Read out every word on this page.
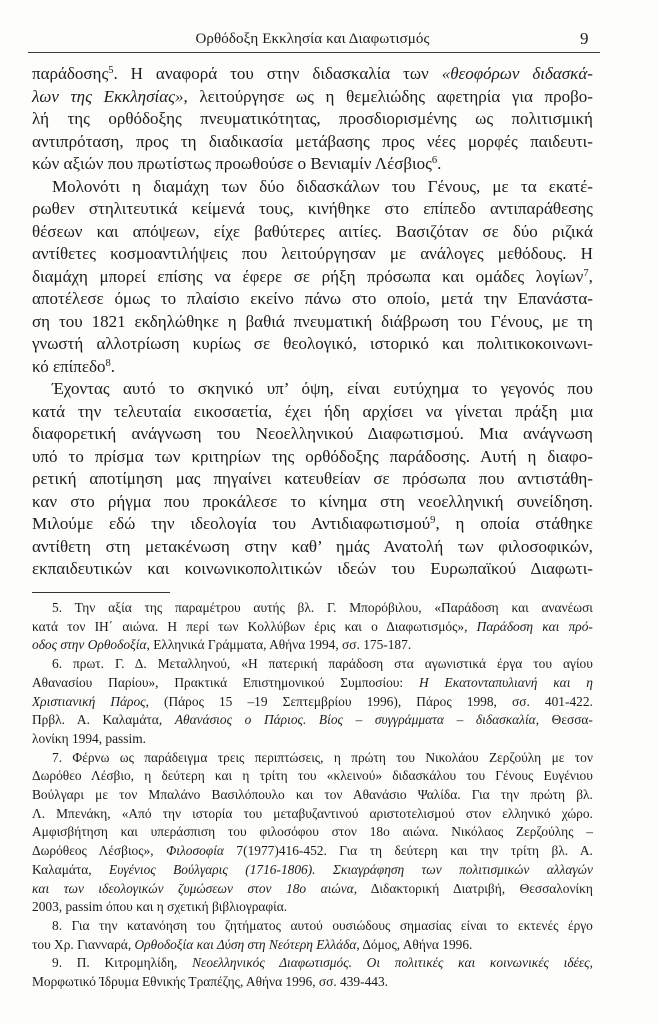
Ορθόδοξη Εκκλησία και Διαφωτισμός	9
παράδοσης$^5$. Η αναφορά του στην διδασκαλία των «θεοφόρων διδασκά-
λων της Εκκλησίας», λειτούργησε ως η θεμελιώδης αφετηρία για προβο-
λή της ορθόδοξης πνευματικότητας, προσδιορισμένης ως πολιτισμική
αντιπρόταση, προς τη διαδικασία μετάβασης προς νέες μορφές παιδευτι-
κών αξιών που πρωτίστως προωθούσε ο Βενιαμίν Λέσβιος$^6$.
Μολονότι η διαμάχη των δύο διδασκάλων του Γένους, με τα εκατέ-
ρωθεν στηλιτευτικά κείμενά τους, κινήθηκε στο επίπεδο αντιπαράθεσης
θέσεων και απόψεων, είχε βαθύτερες αιτίες. Βασιζόταν σε δύο ριζικά
αντίθετες κοσμοαντιλήψεις που λειτούργησαν με ανάλογες μεθόδους. Η
διαμάχη μπορεί επίσης να έφερε σε ρήξη πρόσωπα και ομάδες λογίων$^7$,
αποτέλεσε όμως το πλαίσιο εκείνο πάνω στο οποίο, μετά την Επανάστα-
ση του 1821 εκδηλώθηκε η βαθιά πνευματική διάβρωση του Γένους, με τη
γνωστή αλλοτρίωση κυρίως σε θεολογικό, ιστορικό και πολιτικοκοινωνι-
κό επίπεδο$^8$.
Έχοντας αυτό το σκηνικό υπ’ όψη, είναι ευτύχημα το γεγονός που
κατά την τελευταία εικοσαετία, έχει ήδη αρχίσει να γίνεται πράξη μια
διαφορετική ανάγνωση του Νεοελληνικού Διαφωτισμού. Μια ανάγνωση
υπό το πρίσμα των κριτηρίων της ορθόδοξης παράδοσης. Αυτή η διαφο-
ρετική αποτίμηση μας πηγαίνει κατευθείαν σε πρόσωπα που αντιστάθη-
καν στο ρήγμα που προκάλεσε το κίνημα στη νεοελληνική συνείδηση.
Μιλούμε εδώ την ιδεολογία του Αντιδιαφωτισμού$^9$, η οποία στάθηκε
αντίθετη στη μετακένωση στην καθ’ ημάς Ανατολή των φιλοσοφικών,
εκπαιδευτικών και κοινωνικοπολιτικών ιδεών του Ευρωπαϊκού Διαφωτι-
5. Την αξία της παραμέτρου αυτής βλ. Γ. Μπορόβιλου, «Παράδοση και ανανέωσι
κατά τον ΙΗ΄ αιώνα. Η περί των Κολλύβων έρις και ο Διαφωτισμός», Παράδοση και πρό-
οδος στην Ορθοδοξία, Ελληνικά Γράμματα, Αθήνα 1994, σσ. 175-187.
6. πρωτ. Γ. Δ. Μεταλληνού, «Η πατερική παράδοση στα αγωνιστικά έργα του αγίου
Αθανασίου Παρίου», Πρακτικά Επιστημονικού Συμποσίου: Η Εκατονταπυλιανή και η
Χριστιανική Πάρος, (Πάρος 15 –19 Σεπτεμβρίου 1996), Πάρος 1998, σσ. 401-422.
Πρβλ. Α. Καλαμάτα, Αθανάσιος ο Πάριος. Βίος – συγγράμματα – διδασκαλία, Θεσσα-
λονίκη 1994, passim.
7. Φέρνω ως παράδειγμα τρεις περιπτώσεις, η πρώτη του Νικολάου Ζερζούλη με τον
Δωρόθεο Λέσβιο, η δεύτερη και η τρίτη του «κλεινού» διδασκάλου του Γένους Ευγένιου
Βούλγαρι με τον Μπαλάνο Βασιλόπουλο και τον Αθανάσιο Ψαλίδα. Για την πρώτη βλ.
Λ. Μπενάκη, «Από την ιστορία του μεταβυζαντινού αριστοτελισμού στον ελληνικό χώρο.
Αμφισβήτηση και υπεράσπιση του φιλοσόφου στον 18ο αιώνα. Νικόλαος Ζερζούλης –
Δωρόθεος Λέσβιος», Φιλοσοφία 7(1977)416-452. Για τη δεύτερη και την τρίτη βλ. Α.
Καλαμάτα, Ευγένιος Βούλγαρις (1716-1806). Σκιαγράφηση των πολιτισμικών αλλαγών
και των ιδεολογικών ζυμώσεων στον 18ο αιώνα, Διδακτορική Διατριβή, Θεσσαλονίκη
2003, passim όπου και η σχετική βιβλιογραφία.
8. Για την κατανόηση του ζητήματος αυτού ουσιώδους σημασίας είναι το εκτενές έργο
του Χρ. Γιανναρά, Ορθοδοξία και Δύση στη Νεότερη Ελλάδα, Δόμος, Αθήνα 1996.
9. Π. Κιτρομηλίδη, Νεοελληνικός Διαφωτισμός. Οι πολιτικές και κοινωνικές ιδέες,
Μορφωτικό Ίδρυμα Εθνικής Τραπέζης, Αθήνα 1996, σσ. 439-443.
